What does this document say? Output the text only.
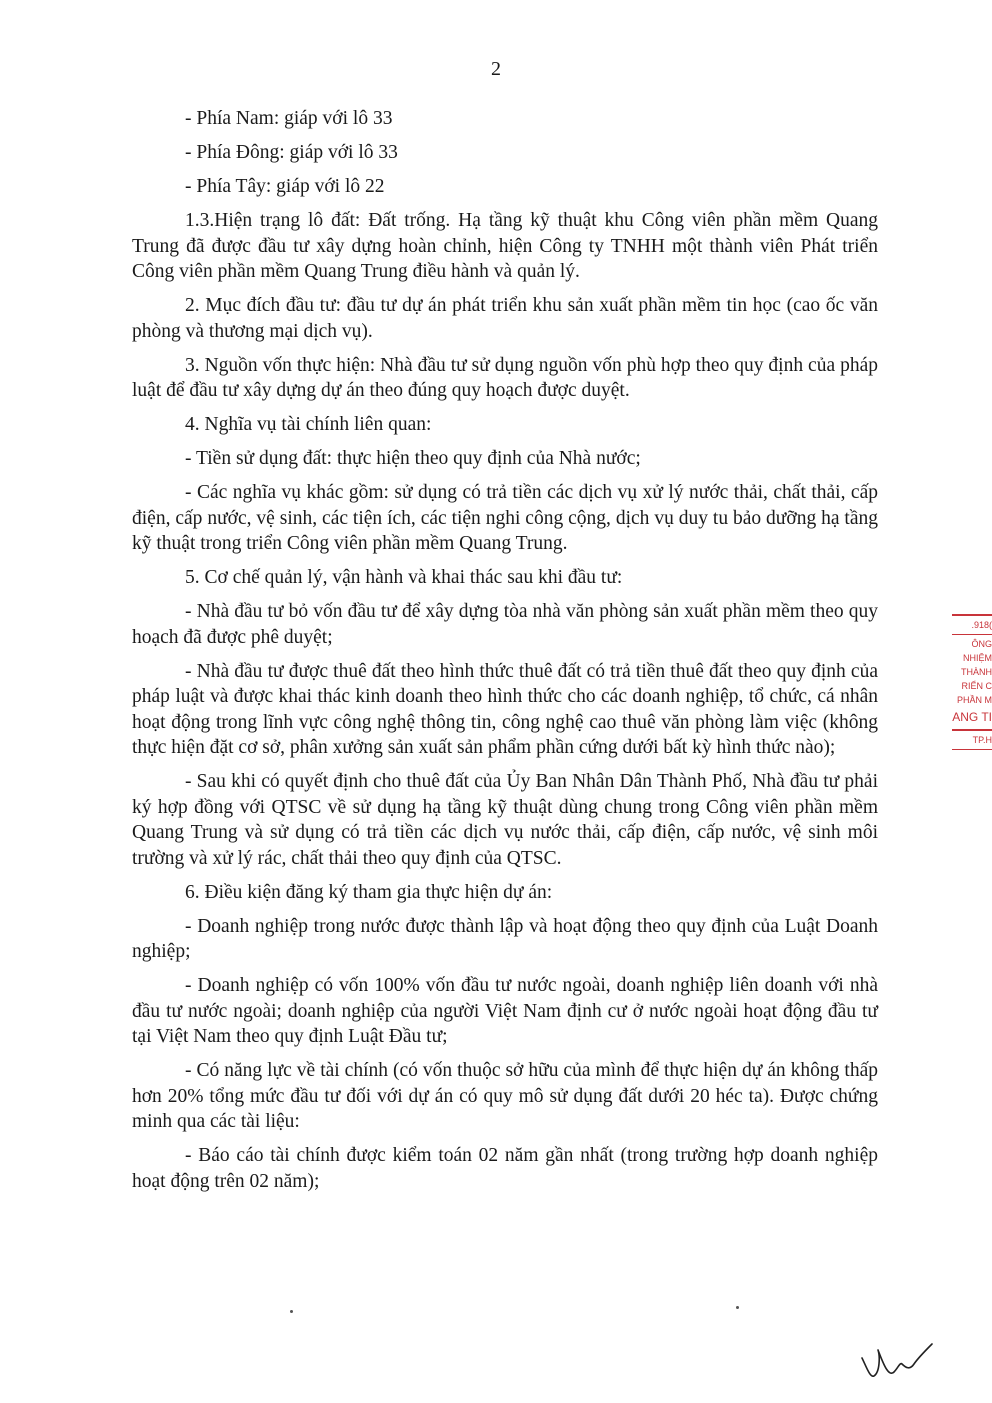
2

- Phía Nam: giáp với lô 33

- Phía Đông: giáp với lô 33

- Phía Tây: giáp với lô 22

1.3.Hiện trạng lô đất: Đất trống. Hạ tầng kỹ thuật khu Công viên phần mềm Quang Trung đã được đầu tư xây dựng hoàn chỉnh, hiện Công ty TNHH một thành viên Phát triển Công viên phần mềm Quang Trung điều hành và quản lý.

2. Mục đích đầu tư: đầu tư dự án phát triển khu sản xuất phần mềm tin học (cao ốc văn phòng và thương mại dịch vụ).

3. Nguồn vốn thực hiện: Nhà đầu tư sử dụng nguồn vốn phù hợp theo quy định của pháp luật để đầu tư xây dựng dự án theo đúng quy hoạch được duyệt.

4. Nghĩa vụ tài chính liên quan:

- Tiền sử dụng đất: thực hiện theo quy định của Nhà nước;

- Các nghĩa vụ khác gồm: sử dụng có trả tiền các dịch vụ xử lý nước thải, chất thải, cấp điện, cấp nước, vệ sinh, các tiện ích, các tiện nghi công cộng, dịch vụ duy tu bảo dưỡng hạ tầng kỹ thuật trong triển Công viên phần mềm Quang Trung.

5. Cơ chế quản lý, vận hành và khai thác sau khi đầu tư:

- Nhà đầu tư bỏ vốn đầu tư để xây dựng tòa nhà văn phòng sản xuất phần mềm theo quy hoạch đã được phê duyệt;

- Nhà đầu tư được thuê đất theo hình thức thuê đất có trả tiền thuê đất theo quy định của pháp luật và được khai thác kinh doanh theo hình thức cho các doanh nghiệp, tổ chức, cá nhân hoạt động trong lĩnh vực công nghệ thông tin, công nghệ cao thuê văn phòng làm việc (không thực hiện đặt cơ sở, phân xưởng sản xuất sản phẩm phần cứng dưới bất kỳ hình thức nào);

- Sau khi có quyết định cho thuê đất của Ủy Ban Nhân Dân Thành Phố, Nhà đầu tư phải ký hợp đồng với QTSC về sử dụng hạ tầng kỹ thuật dùng chung trong Công viên phần mềm Quang Trung và sử dụng có trả tiền các dịch vụ nước thải, cấp điện, cấp nước, vệ sinh môi trường và xử lý rác, chất thải theo quy định của QTSC.

6. Điều kiện đăng ký tham gia thực hiện dự án:

- Doanh nghiệp trong nước được thành lập và hoạt động theo quy định của Luật Doanh nghiệp;

- Doanh nghiệp có vốn 100% vốn đầu tư nước ngoài, doanh nghiệp liên doanh với nhà đầu tư nước ngoài; doanh nghiệp của người Việt Nam định cư ở nước ngoài hoạt động đầu tư tại Việt Nam theo quy định Luật Đầu tư;

- Có năng lực về tài chính (có vốn thuộc sở hữu của mình để thực hiện dự án không thấp hơn 20% tổng mức đầu tư đối với dự án có quy mô sử dụng đất dưới 20 héc ta). Được chứng minh qua các tài liệu:

- Báo cáo tài chính được kiểm toán 02 năm gần nhất (trong trường hợp doanh nghiệp hoạt động trên 02 năm);

.918(
ÔNG
NHIỆM
THÀNH
RIỂN C
PHẦN M
ANG TI
TP.H
